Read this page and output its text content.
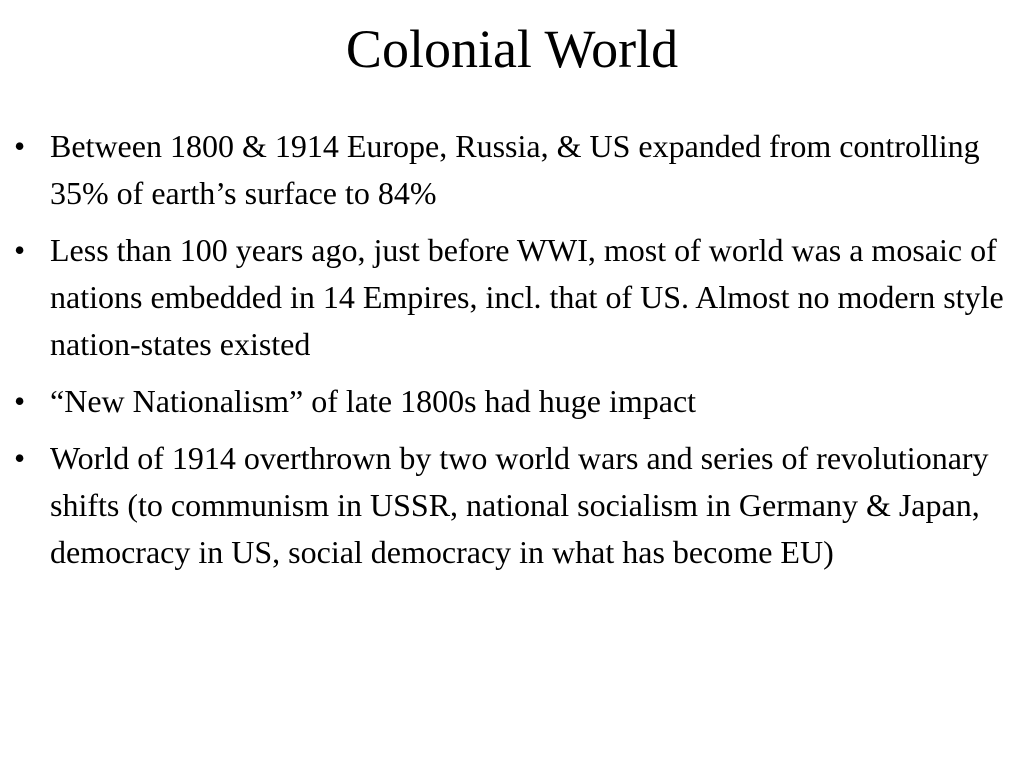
Colonial World
• Between 1800 & 1914 Europe, Russia, & US expanded from controlling 35% of earth’s surface to 84%
• Less than 100 years ago, just before WWI, most of world was a mosaic of nations embedded in 14 Empires, incl. that of US. Almost no modern style nation-states existed
• “New Nationalism” of late 1800s had huge impact
• World of 1914 overthrown by two world wars and series of revolutionary shifts (to communism in USSR, national socialism in Germany & Japan, democracy in US, social democracy in what has become EU)
